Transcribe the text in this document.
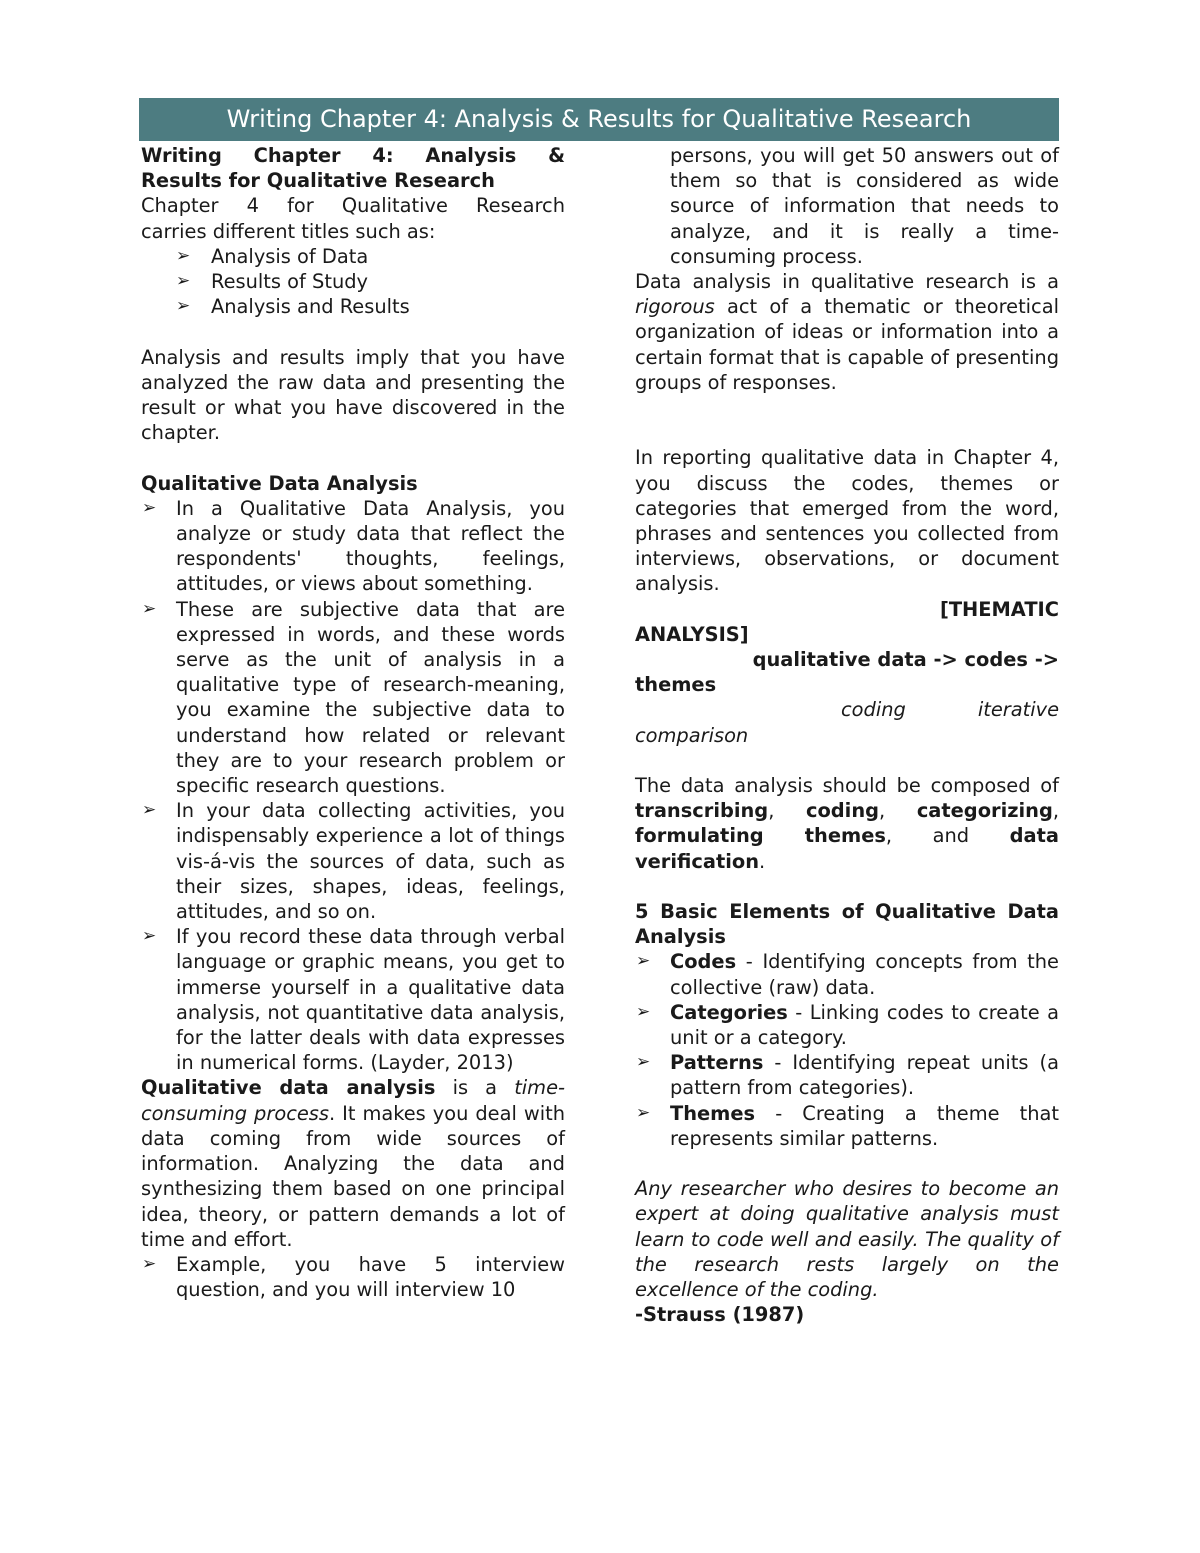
Writing Chapter 4: Analysis & Results for Qualitative Research

Writing Chapter 4: Analysis &

Results for Qualitative Research

Chapter 4 for Qualitative Research

carries different titles such as:

➢ Analysis of Data

➢ Results of Study

➢ Analysis and Results

Analysis and results imply that you have analyzed the raw data and presenting the result or what you have discovered in the chapter.

Qualitative Data Analysis

➢ In a Qualitative Data Analysis, you analyze or study data that reflect the respondents' thoughts, feelings, attitudes, or views about something.

➢ These are subjective data that are expressed in words, and these words serve as the unit of analysis in a qualitative type of research-meaning, you examine the subjective data to understand how related or relevant they are to your research problem or specific research questions.

➢ In your data collecting activities, you indispensably experience a lot of things vis-á-vis the sources of data, such as their sizes, shapes, ideas, feelings, attitudes, and so on.

➢ If you record these data through verbal language or graphic means, you get to immerse yourself in a qualitative data analysis, not quantitative data analysis, for the latter deals with data expresses in numerical forms. (Layder, 2013)

Qualitative data analysis is a time-consuming process. It makes you deal with data coming from wide sources of information. Analyzing the data and synthesizing them based on one principal idea, theory, or pattern demands a lot of time and effort.

➢ Example, you have 5 interview

question, and you will interview 10

persons, you will get 50 answers out of them so that is considered as wide source of information that needs to analyze, and it is really a time-consuming process.

Data analysis in qualitative research is a rigorous act of a thematic or theoretical organization of ideas or information into a certain format that is capable of presenting groups of responses.

In reporting qualitative data in Chapter 4, you discuss the codes, themes or categories that emerged from the word, phrases and sentences you collected from interviews, observations, or document analysis.

[THEMATIC

ANALYSIS]

qualitative data -> codes ->

themes

coding	iterative

comparison

The data analysis should be composed of transcribing, coding, categorizing, formulating themes, and data verification.

5 Basic Elements of Qualitative Data Analysis

➢ Codes - Identifying concepts from the collective (raw) data.

➢ Categories - Linking codes to create a unit or a category.

➢ Patterns - Identifying repeat units (a pattern from categories).

➢ Themes - Creating a theme that represents similar patterns.

Any researcher who desires to become an expert at doing qualitative analysis must learn to code well and easily. The quality of the research rests largely on the excellence of the coding.

-Strauss (1987)
